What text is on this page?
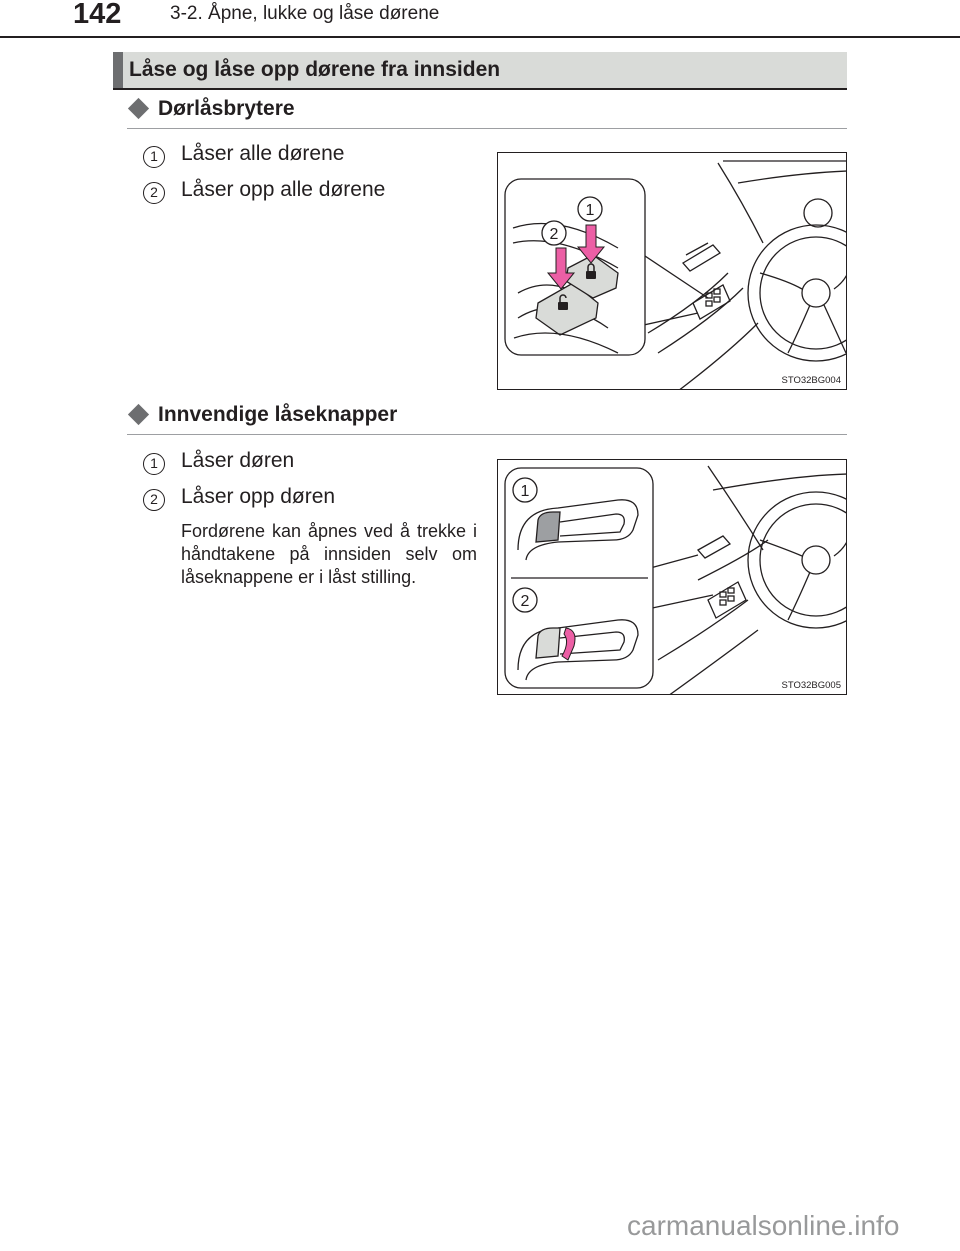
142	3-2. Åpne, lukke og låse dørene
Låse og låse opp dørene fra innsiden
Dørlåsbrytere
1	Låser alle dørene
2	Låser opp alle dørene
1
2
STO32BG004
Innvendige låseknapper
1	Låser døren
2	Låser opp døren
Fordørene kan åpnes ved å trekke i håndtakene på innsiden selv om låseknappene er i låst stilling.
1
2
STO32BG005
carmanualsonline.info
